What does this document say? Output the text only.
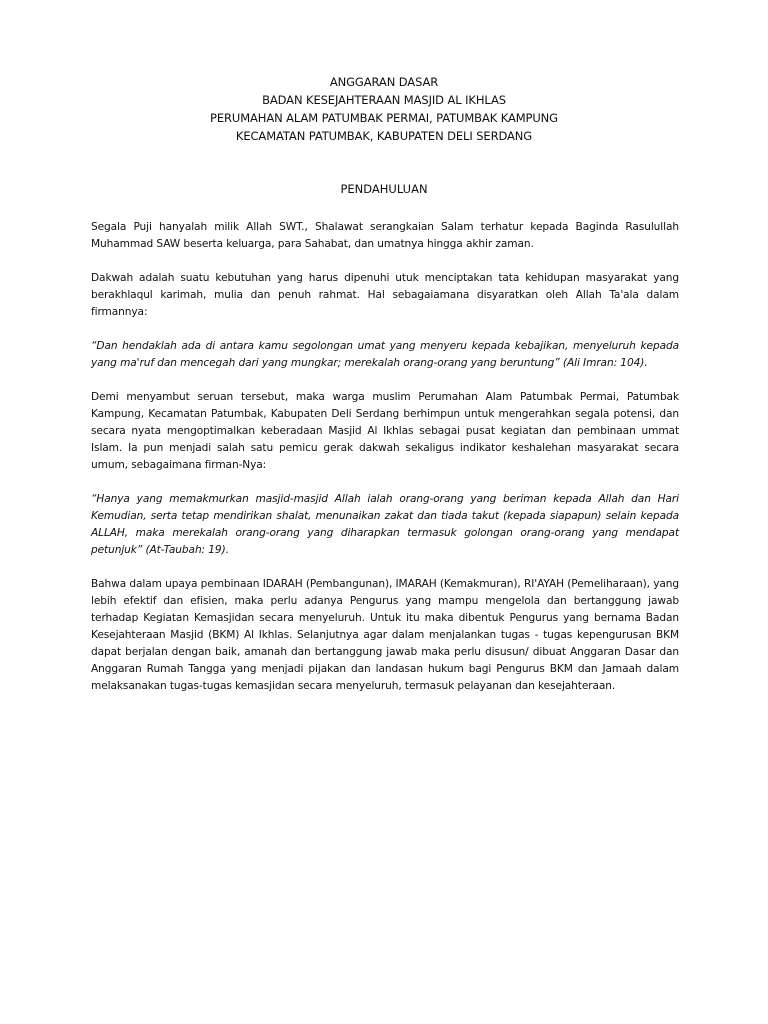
ANGGARAN DASAR
BADAN KESEJAHTERAAN MASJID AL IKHLAS
PERUMAHAN ALAM PATUMBAK PERMAI, PATUMBAK KAMPUNG
KECAMATAN PATUMBAK, KABUPATEN DELI SERDANG
PENDAHULUAN

Segala Puji hanyalah milik Allah SWT., Shalawat serangkaian Salam terhatur kepada Baginda Rasulullah Muhammad SAW beserta keluarga, para Sahabat, dan umatnya hingga akhir zaman.

Dakwah adalah suatu kebutuhan yang harus dipenuhi utuk menciptakan tata kehidupan masyarakat yang berakhlaqul karimah, mulia dan penuh rahmat. Hal sebagaiamana disyaratkan oleh Allah Ta'ala dalam firmannya:

“Dan hendaklah ada di antara kamu segolongan umat yang menyeru kepada kebajikan, menyeluruh kepada yang ma'ruf dan mencegah dari yang mungkar; merekalah orang-orang yang beruntung” (Ali Imran: 104).

Demi menyambut seruan tersebut, maka warga muslim Perumahan Alam Patumbak Permai, Patumbak Kampung, Kecamatan Patumbak, Kabupaten Deli Serdang berhimpun untuk mengerahkan segala potensi, dan secara nyata mengoptimalkan keberadaan Masjid Al Ikhlas sebagai pusat kegiatan dan pembinaan ummat Islam. Ia pun menjadi salah satu pemicu gerak dakwah sekaligus indikator keshalehan masyarakat secara umum, sebagaimana firman-Nya:

“Hanya yang memakmurkan masjid-masjid Allah ialah orang-orang yang beriman kepada Allah dan Hari Kemudian, serta tetap mendirikan shalat, menunaikan zakat dan tiada takut (kepada siapapun) selain kepada ALLAH, maka merekalah orang-orang yang diharapkan termasuk golongan orang-orang yang mendapat petunjuk” (At-Taubah: 19).

Bahwa dalam upaya pembinaan IDARAH (Pembangunan), IMARAH (Kemakmuran), RI'AYAH (Pemeliharaan), yang lebih efektif dan efisien, maka perlu adanya Pengurus yang mampu mengelola dan bertanggung jawab terhadap Kegiatan Kemasjidan secara menyeluruh. Untuk itu maka dibentuk Pengurus yang bernama Badan Kesejahteraan Masjid (BKM) Al Ikhlas. Selanjutnya agar dalam menjalankan tugas - tugas kepengurusan BKM dapat berjalan dengan baik, amanah dan bertanggung jawab maka perlu disusun/ dibuat Anggaran Dasar dan Anggaran Rumah Tangga yang menjadi pijakan dan landasan hukum bagi Pengurus BKM dan Jamaah dalam melaksanakan tugas-tugas kemasjidan secara menyeluruh, termasuk pelayanan dan kesejahteraan.
